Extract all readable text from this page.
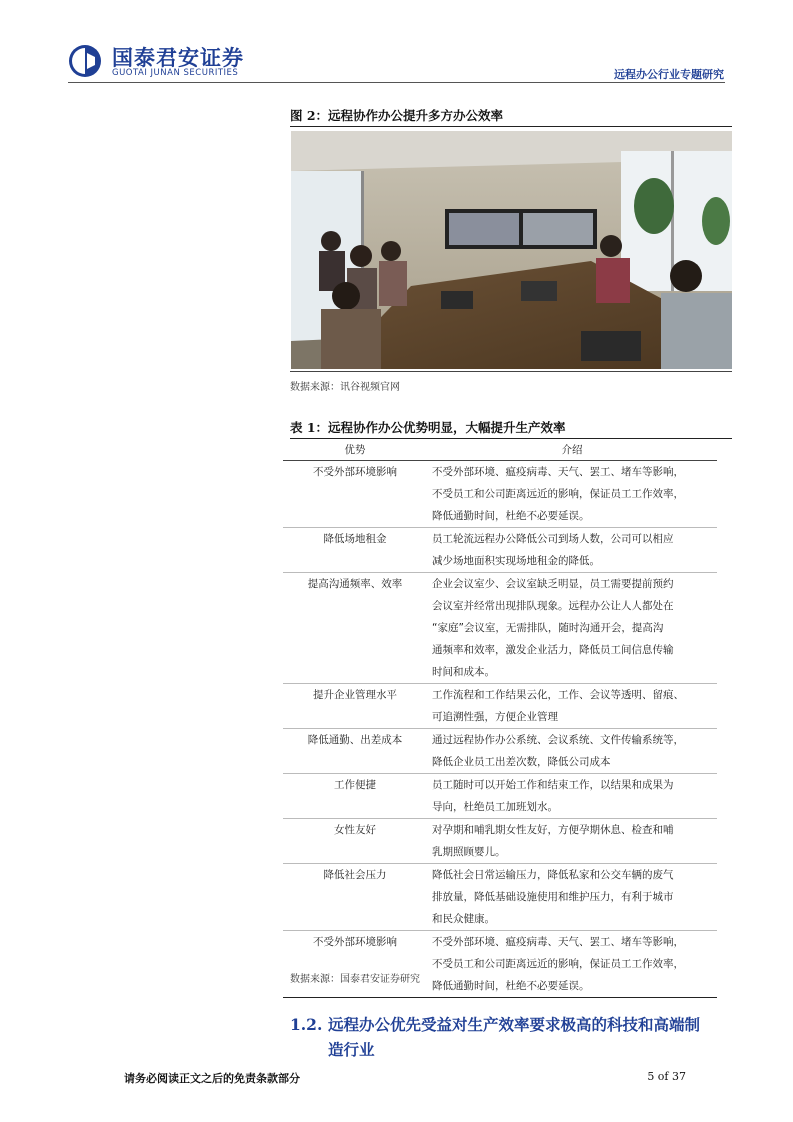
国泰君安证券
GUOTAI JUNAN SECURITIES	远程办公行业专题研究
图 2：远程协作办公提升多方办公效率
数据来源：讯谷视频官网
表 1：远程协作办公优势明显，大幅提升生产效率
优势	介绍
不受外部环境影响	不受外部环境、瘟疫病毒、天气、罢工、堵车等影响，
不受员工和公司距离远近的影响，保证员工工作效率，
降低通勤时间，杜绝不必要延误。

降低场地租金	员工轮流远程办公降低公司到场人数，公司可以相应
减少场地面积实现场地租金的降低。

提高沟通频率、效率	企业会议室少、会议室缺乏明显，员工需要提前预约
会议室并经常出现排队现象。远程办公让人人都处在
“家庭”会议室，无需排队，随时沟通开会，提高沟
通频率和效率，激发企业活力，降低员工间信息传输
时间和成本。

提升企业管理水平	工作流程和工作结果云化，工作、会议等透明、留痕、
可追溯性强，方便企业管理

降低通勤、出差成本	通过远程协作办公系统、会议系统、文件传输系统等，
降低企业员工出差次数，降低公司成本

工作便捷	员工随时可以开始工作和结束工作，以结果和成果为
导向，杜绝员工加班划水。

女性友好	对孕期和哺乳期女性友好，方便孕期休息、检查和哺
乳期照顾婴儿。

降低社会压力	降低社会日常运输压力，降低私家和公交车辆的废气
排放量，降低基础设施使用和维护压力，有利于城市
和民众健康。

不受外部环境影响	不受外部环境、瘟疫病毒、天气、罢工、堵车等影响，
不受员工和公司距离远近的影响，保证员工工作效率，
降低通勤时间，杜绝不必要延误。
数据来源：国泰君安证券研究
1.2. 远程办公优先受益对生产效率要求极高的科技和高端制
造行业
请务必阅读正文之后的免责条款部分	5 of 37
